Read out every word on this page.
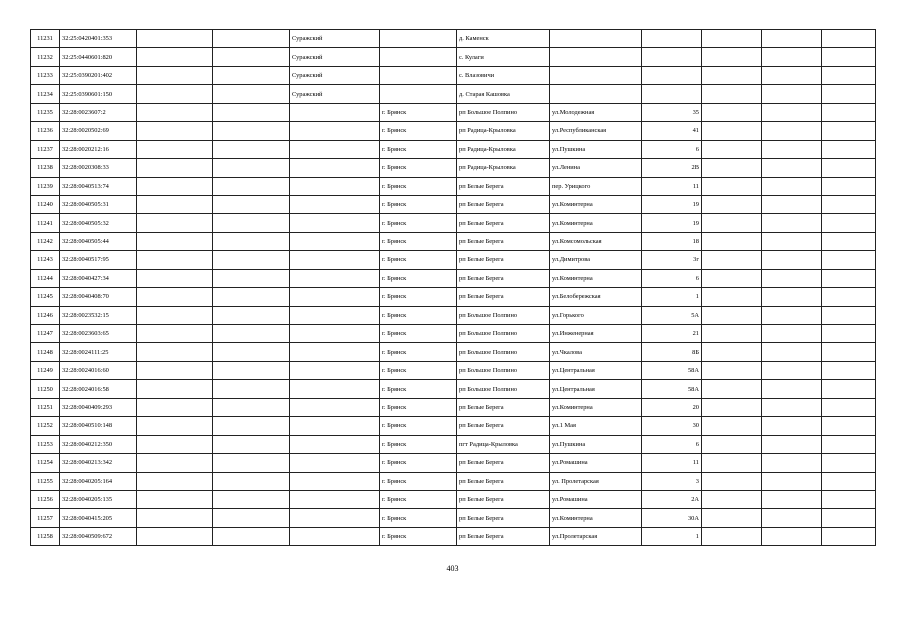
11231	32:25:0420401:353			Суражский		д. Каменск					
11232	32:25:0440601:820			Суражский		с. Кулаги					
11233	32:25:0390201:402			Суражский		с. Влазовичи					
11234	32:25:0390601:150			Суражский		д. Старая Кашовка					
11235	32:28:0023607:2				г. Брянск	рп Большое Полпино	ул.Молодежная	35			
11236	32:28:0020502:69				г. Брянск	рп Радица-Крыловка	ул.Республиканская	41			
11237	32:28:0020212:16				г. Брянск	рп Радица-Крыловка	ул.Пушкина	6			
11238	32:28:0020308:33				г. Брянск	рп Радица-Крыловка	ул.Ленина	2В			
11239	32:28:0040513:74				г. Брянск	рп Белые Берега	пер. Урицкого	11			
11240	32:28:0040505:31				г. Брянск	рп Белые Берега	ул.Коминтерна	19			
11241	32:28:0040505:32				г. Брянск	рп Белые Берега	ул.Коминтерна	19			
11242	32:28:0040505:44				г. Брянск	рп Белые Берега	ул.Комсомольская	18			
11243	32:28:0040517:95				г. Брянск	рп Белые Берега	ул.Димитрова	3г			
11244	32:28:0040427:34				г. Брянск	рп Белые Берега	ул.Коминтерна	6			
11245	32:28:0040408:70				г. Брянск	рп Белые Берега	ул.Белобережская	1			
11246	32:28:0023532:15				г. Брянск	рп Большое Полпино	ул.Горького	5А			
11247	32:28:0023603:65				г. Брянск	рп Большое Полпино	ул.Инженерная	21			
11248	32:28:0024111:25				г. Брянск	рп Большое Полпино	ул.Чкалова	8Б			
11249	32:28:0024016:60				г. Брянск	рп Большое Полпино	ул.Центральная	58А			
11250	32:28:0024016:58				г. Брянск	рп Большое Полпино	ул.Центральная	58А			
11251	32:28:0040409:293				г. Брянск	рп Белые Берега	ул.Коминтерна	20			
11252	32:28:0040510:148				г. Брянск	рп Белые Берега	ул.1 Мая	30			
11253	32:28:0040212:350				г. Брянск	пгт Радица-Крыловка	ул.Пушкина	6			
11254	32:28:0040213:342				г. Брянск	рп Белые Берега	ул.Ромашина	11			
11255	32:28:0040205:164				г. Брянск	рп Белые Берега	ул. Пролетарская	3			
11256	32:28:0040205:135				г. Брянск	рп Белые Берега	ул.Ромашина	2А			
11257	32:28:0040415:205				г. Брянск	рп Белые Берега	ул.Коминтерна	30А			
11258	32:28:0040509:672				г. Брянск	рп Белые Берега	ул.Пролетарская	1			
403
